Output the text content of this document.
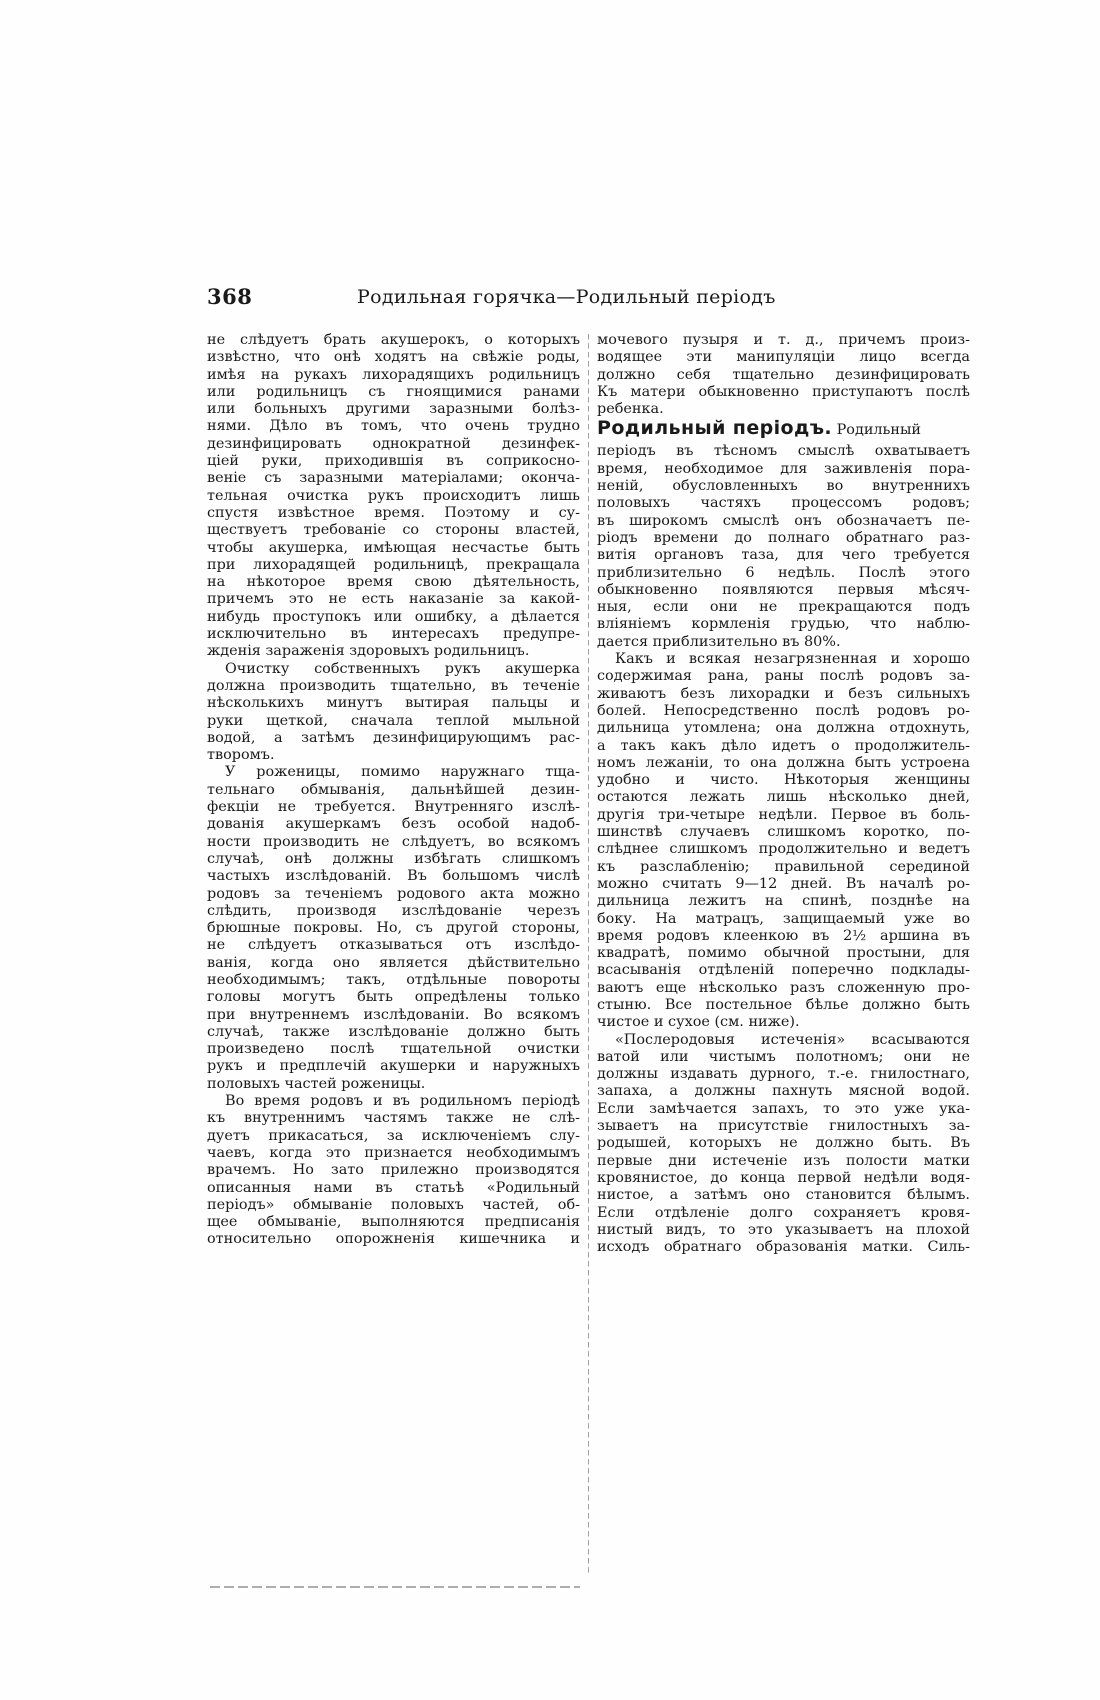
368	Родильная горячка—Родильный періодъ
не слѣдуетъ брать акушерокъ, о которыхъ
извѣстно, что онѣ ходятъ на свѣжіе роды,
имѣя на рукахъ лихорадящихъ родильницъ
или родильницъ съ гноящимися ранами
или больныхъ другими заразными болѣз-
нями. Дѣло въ томъ, что очень трудно
дезинфицировать однократной дезинфек-
ціей руки, приходившія въ соприкосно-
веніе съ заразными матеріалами; оконча-
тельная очистка рукъ происходитъ лишь
спустя извѣстное время. Поэтому и су-
ществуетъ требованіе со стороны властей,
чтобы акушерка, имѣющая несчастье быть
при лихорадящей родильницѣ, прекращала
на нѣкоторое время свою дѣятельность,
причемъ это не есть наказаніе за какой-
нибудь проступокъ или ошибку, а дѣлается
исключительно въ интересахъ предупре-
жденія зараженія здоровыхъ родильницъ.
Очистку собственныхъ рукъ акушерка
должна производить тщательно, въ теченіе
нѣсколькихъ минутъ вытирая пальцы и
руки щеткой, сначала теплой мыльной
водой, а затѣмъ дезинфицирующимъ рас-
творомъ.
У роженицы, помимо наружнаго тща-
тельнаго обмыванія, дальнѣйшей дезин-
фекціи не требуется. Внутренняго изслѣ-
дованія акушеркамъ безъ особой надоб-
ности производить не слѣдуетъ, во всякомъ
случаѣ, онѣ должны избѣгать слишкомъ
частыхъ изслѣдованій. Въ большомъ числѣ
родовъ за теченіемъ родового акта можно
слѣдить, производя изслѣдованіе черезъ
брюшные покровы. Но, съ другой стороны,
не слѣдуетъ отказываться отъ изслѣдо-
ванія, когда оно является дѣйствительно
необходимымъ; такъ, отдѣльные повороты
головы могутъ быть опредѣлены только
при внутреннемъ изслѣдованіи. Во всякомъ
случаѣ, также изслѣдованіе должно быть
произведено послѣ тщательной очистки
рукъ и предплечій акушерки и наружныхъ
половыхъ частей роженицы.
Во время родовъ и въ родильномъ періодѣ
къ внутреннимъ частямъ также не слѣ-
дуетъ прикасаться, за исключеніемъ слу-
чаевъ, когда это признается необходимымъ
врачемъ. Но зато прилежно производятся
описанныя нами въ статьѣ «Родильный
періодъ» обмываніе половыхъ частей, об-
щее обмываніе, выполняются предписанія
относительно опорожненія кишечника и
мочевого пузыря и т. д., причемъ произ-
водящее эти манипуляціи лицо всегда
должно себя тщательно дезинфицировать
Къ матери обыкновенно приступаютъ послѣ
ребенка.
Родильный періодъ. Родильный
періодъ въ тѣсномъ смыслѣ охватываетъ
время, необходимое для заживленія пора-
неній, обусловленныхъ во внутреннихъ
половыхъ частяхъ процессомъ родовъ;
въ широкомъ смыслѣ онъ обозначаетъ пе-
ріодъ времени до полнаго обратнаго раз-
витія органовъ таза, для чего требуется
приблизительно 6 недѣль. Послѣ этого
обыкновенно появляются первыя мѣсяч-
ныя, если они не прекращаются подъ
вліяніемъ кормленія грудью, что наблю-
дается приблизительно въ 80%.
Какъ и всякая незагрязненная и хорошо
содержимая рана, раны послѣ родовъ за-
живаютъ безъ лихорадки и безъ сильныхъ
болей. Непосредственно послѣ родовъ ро-
дильница утомлена; она должна отдохнуть,
а такъ какъ дѣло идетъ о продолжитель-
номъ лежаніи, то она должна быть устроена
удобно и чисто. Нѣкоторыя женщины
остаются лежать лишь нѣсколько дней,
другія три-четыре недѣли. Первое въ боль-
шинствѣ случаевъ слишкомъ коротко, по-
слѣднее слишкомъ продолжительно и ведетъ
къ разслабленію; правильной серединой
можно считать 9—12 дней. Въ началѣ ро-
дильница лежитъ на спинѣ, позднѣе на
боку. На матрацъ, защищаемый уже во
время родовъ клеенкою въ 2½ аршина въ
квадратѣ, помимо обычной простыни, для
всасыванія отдѣленій поперечно подклады-
ваютъ еще нѣсколько разъ сложенную про-
стыню. Все постельное бѣлье должно быть
чистое и сухое (см. ниже).
«Послеродовыя истеченія» всасываются
ватой или чистымъ полотномъ; они не
должны издавать дурного, т.-е. гнилостнаго,
запаха, а должны пахнуть мясной водой.
Если замѣчается запахъ, то это уже ука-
зываетъ на присутствіе гнилостныхъ за-
родышей, которыхъ не должно быть. Въ
первые дни истеченіе изъ полости матки
кровянистое, до конца первой недѣли водя-
нистое, а затѣмъ оно становится бѣлымъ.
Если отдѣленіе долго сохраняетъ кровя-
нистый видъ, то это указываетъ на плохой
исходъ обратнаго образованія матки. Силь-
